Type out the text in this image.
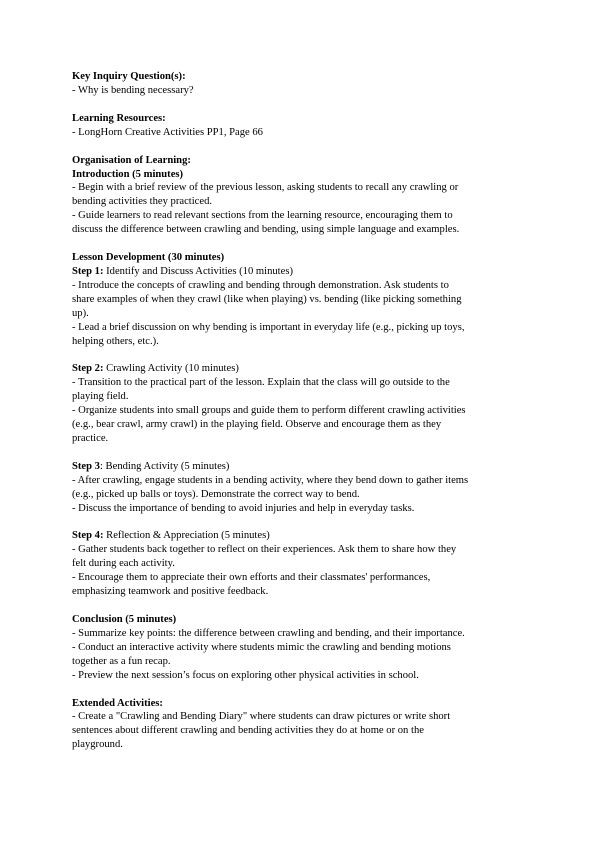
Key Inquiry Question(s):
- Why is bending necessary?
Learning Resources:
- LongHorn Creative Activities PP1, Page 66
Organisation of Learning:
Introduction (5 minutes)
- Begin with a brief review of the previous lesson, asking students to recall any crawling or
bending activities they practiced.
- Guide learners to read relevant sections from the learning resource, encouraging them to
discuss the difference between crawling and bending, using simple language and examples.
Lesson Development (30 minutes)
Step 1: Identify and Discuss Activities (10 minutes)
- Introduce the concepts of crawling and bending through demonstration. Ask students to
share examples of when they crawl (like when playing) vs. bending (like picking something
up).
- Lead a brief discussion on why bending is important in everyday life (e.g., picking up toys,
helping others, etc.).
Step 2: Crawling Activity (10 minutes)
- Transition to the practical part of the lesson. Explain that the class will go outside to the
playing field.
- Organize students into small groups and guide them to perform different crawling activities
(e.g., bear crawl, army crawl) in the playing field. Observe and encourage them as they
practice.
Step 3: Bending Activity (5 minutes)
- After crawling, engage students in a bending activity, where they bend down to gather items
(e.g., picked up balls or toys). Demonstrate the correct way to bend.
- Discuss the importance of bending to avoid injuries and help in everyday tasks.
Step 4: Reflection & Appreciation (5 minutes)
- Gather students back together to reflect on their experiences. Ask them to share how they
felt during each activity.
- Encourage them to appreciate their own efforts and their classmates' performances,
emphasizing teamwork and positive feedback.
Conclusion (5 minutes)
- Summarize key points: the difference between crawling and bending, and their importance.
- Conduct an interactive activity where students mimic the crawling and bending motions
together as a fun recap.
- Preview the next session’s focus on exploring other physical activities in school.
Extended Activities:
- Create a "Crawling and Bending Diary" where students can draw pictures or write short
sentences about different crawling and bending activities they do at home or on the
playground.
